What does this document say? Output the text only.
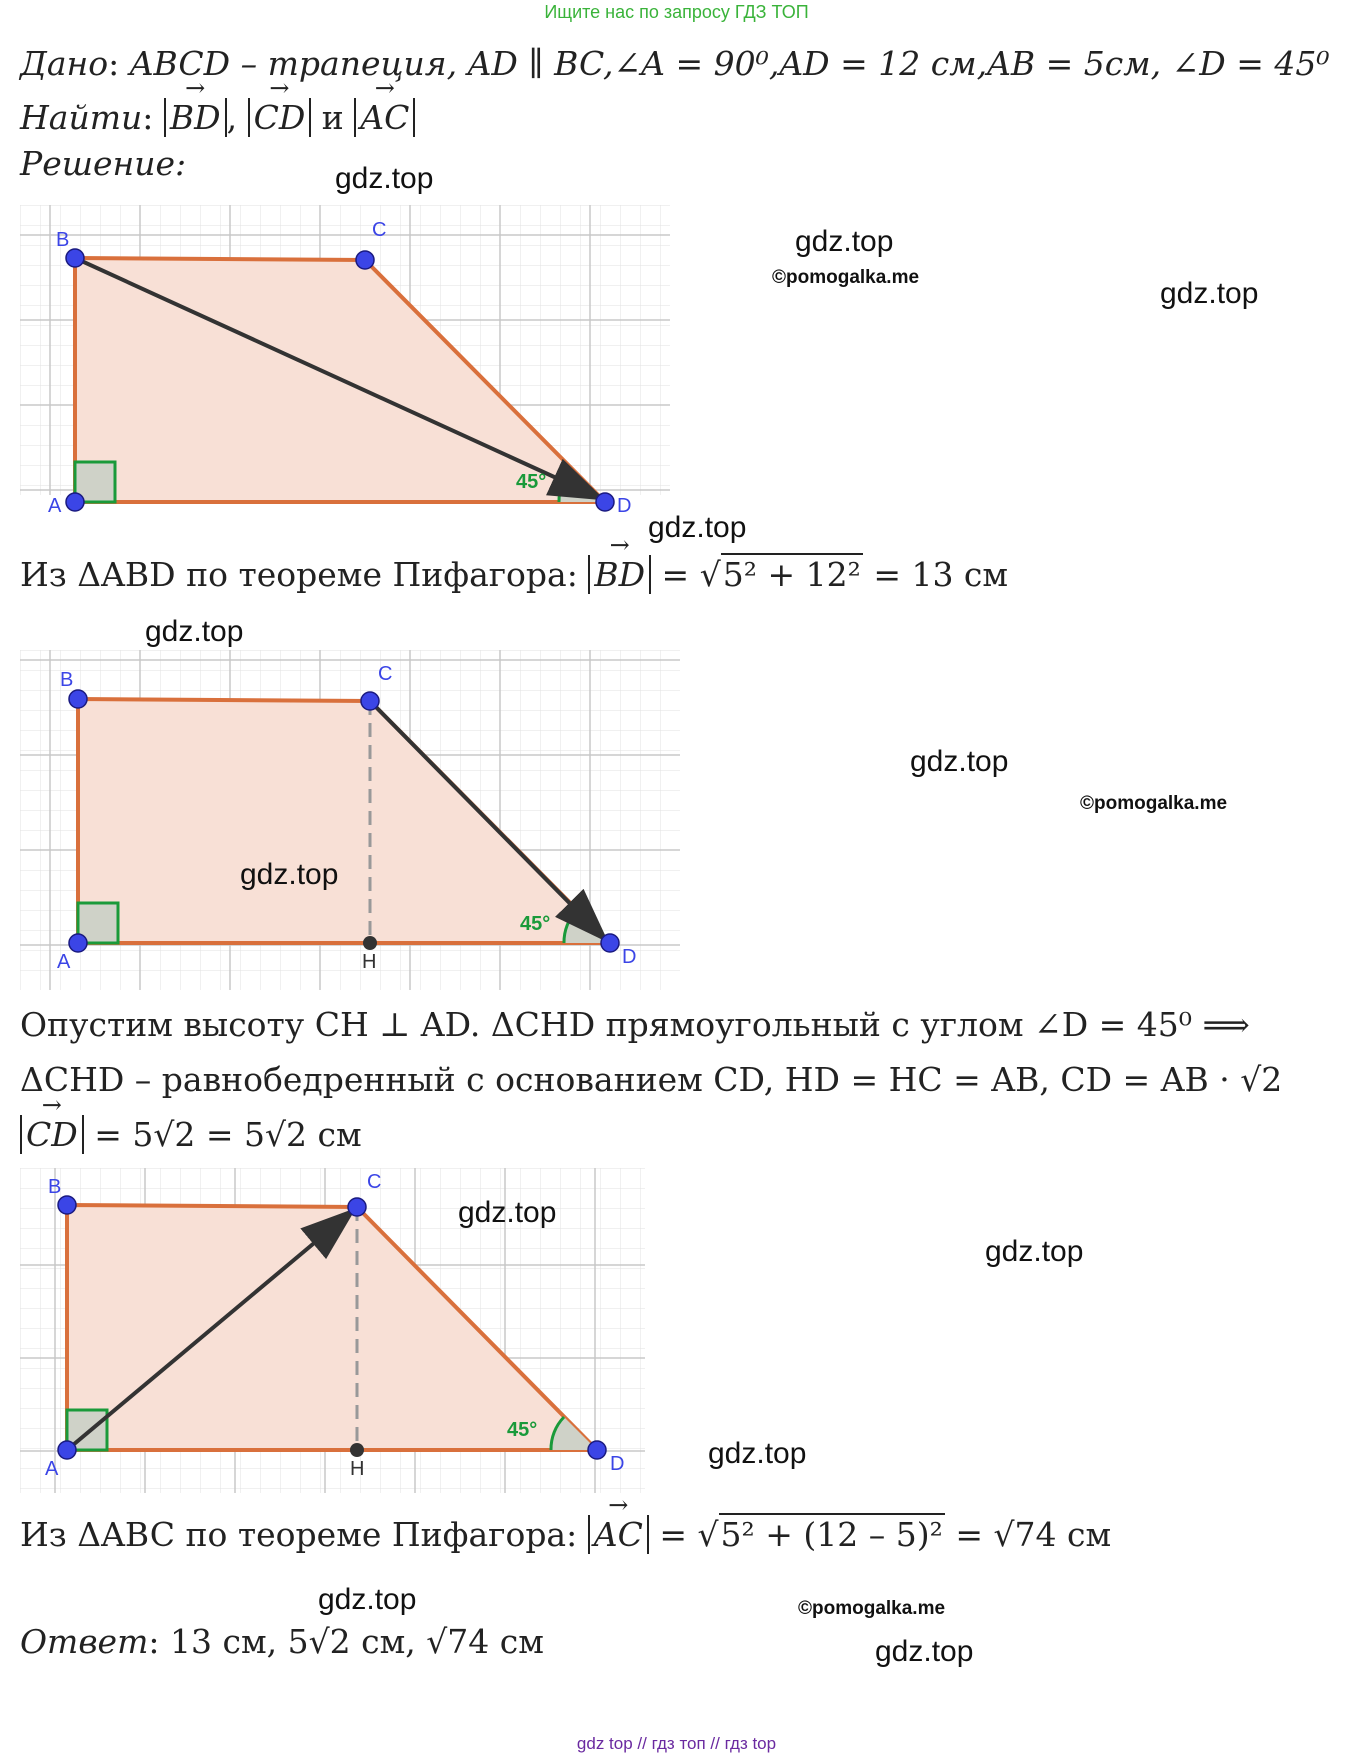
Ищите нас по запросу ГДЗ ТОП
Дано: ABCD – трапеция, AD ∥ BC,∠A = 90⁰,AD = 12 см,AB = 5см, ∠D = 45⁰
Найти: → BD , → CD и → AC
Решение:
B	C
D
A
45°
Из ΔABD по теореме Пифагора: → BD = √5² + 12² = 13 см
B	C
D
A	H
45°
Опустим высоту CH ⊥ AD. ΔCHD прямоугольный с углом ∠D = 45⁰ ⟹
ΔCHD – равнобедренный с основанием CD, HD = HC = AB, CD = AB · √2
→ CD = 5√2 = 5√2 см
B	C
D
A	H
45°
Из ΔABC по теореме Пифагора: → AC = √5² + (12 – 5)² = √74 см
Ответ: 13 см, 5√2 см, √74 см
gdz.top
gdz.top
©pomogalka.me	gdz.top
gdz.top
gdz.top
gdz.top
©pomogalka.me
gdz.top
gdz.top
gdz.top
gdz.top
gdz.top	©pomogalka.me
gdz.top
gdz top // гдз топ // гдз top
